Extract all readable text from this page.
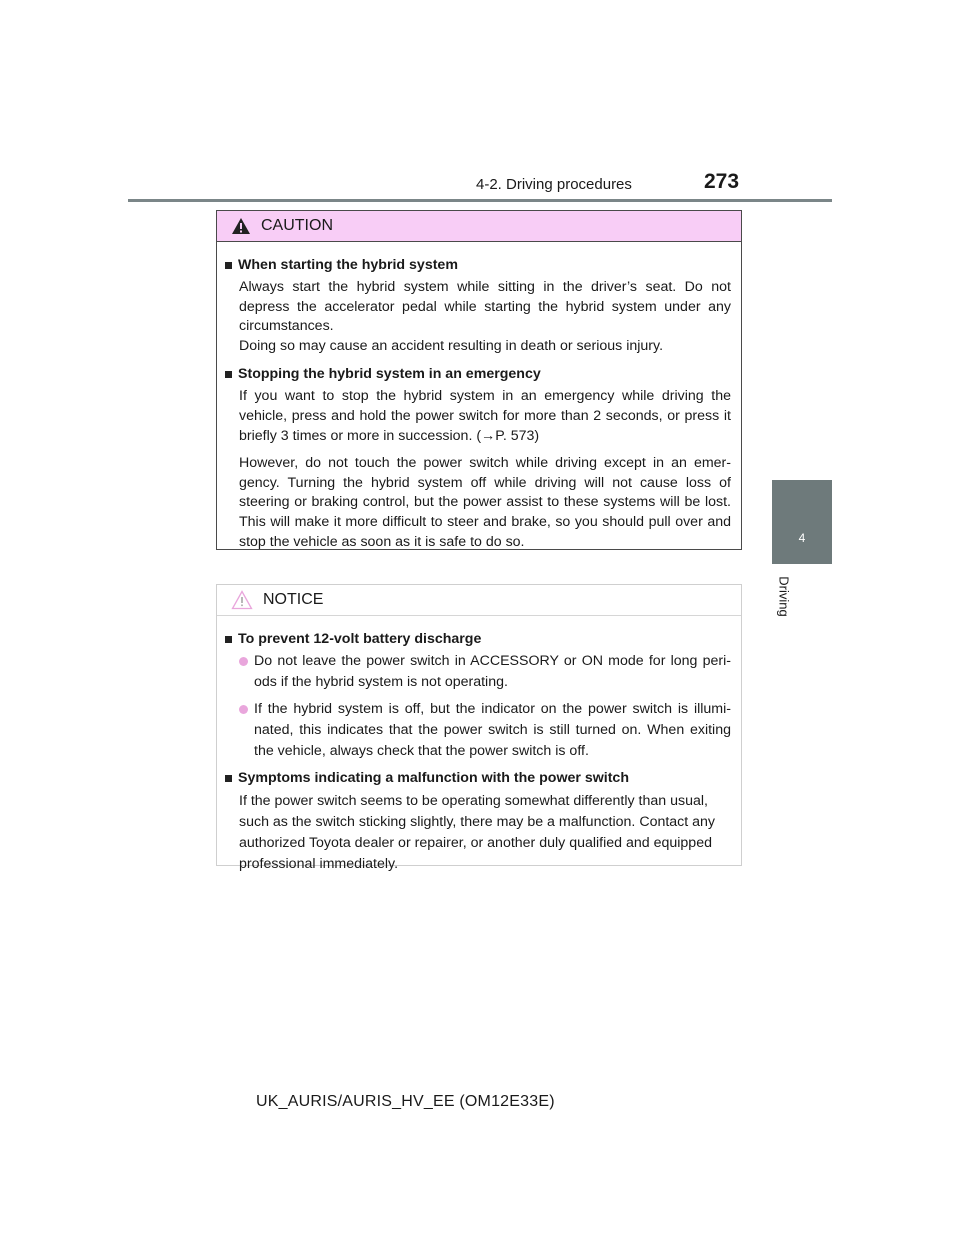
4-2. Driving procedures	273
4
Driving
CAUTION
When starting the hybrid system
Always start the hybrid system while sitting in the driver’s seat. Do not depress the accelerator pedal while starting the hybrid system under any circumstances.
Doing so may cause an accident resulting in death or serious injury.
Stopping the hybrid system in an emergency
If you want to stop the hybrid system in an emergency while driving the vehicle, press and hold the power switch for more than 2 seconds, or press it briefly 3 times or more in succession. (→P. 573)
However, do not touch the power switch while driving except in an emer-gency. Turning the hybrid system off while driving will not cause loss of steering or braking control, but the power assist to these systems will be lost. This will make it more difficult to steer and brake, so you should pull over and stop the vehicle as soon as it is safe to do so.
NOTICE
To prevent 12-volt battery discharge
Do not leave the power switch in ACCESSORY or ON mode for long peri-ods if the hybrid system is not operating.
If the hybrid system is off, but the indicator on the power switch is illumi-nated, this indicates that the power switch is still turned on. When exiting the vehicle, always check that the power switch is off.
Symptoms indicating a malfunction with the power switch
If the power switch seems to be operating somewhat differently than usual, such as the switch sticking slightly, there may be a malfunction. Contact any authorized Toyota dealer or repairer, or another duly qualified and equipped professional immediately.
UK_AURIS/AURIS_HV_EE (OM12E33E)
